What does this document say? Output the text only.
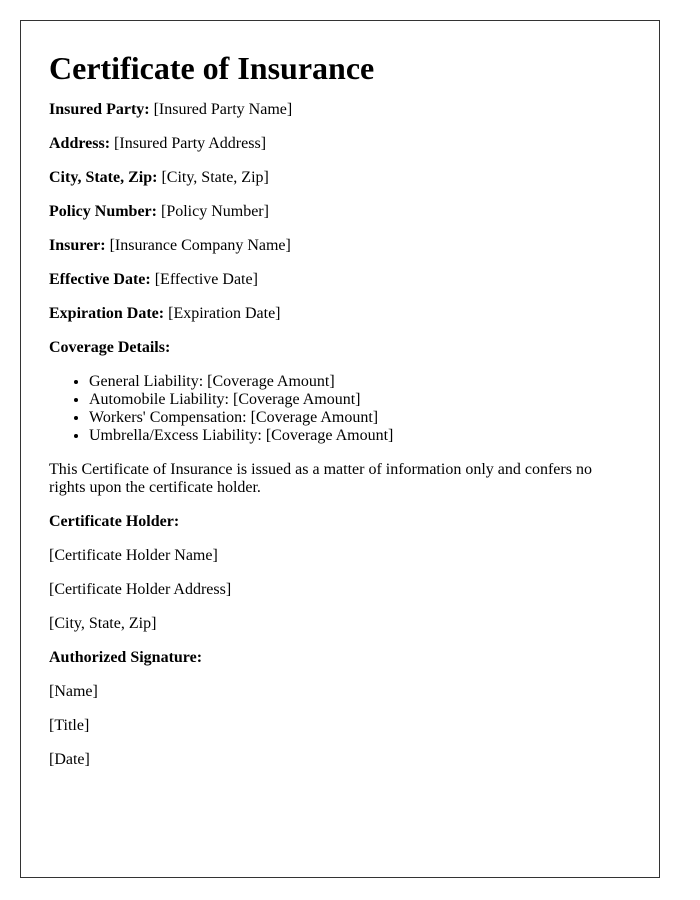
Certificate of Insurance

Insured Party: [Insured Party Name]

Address: [Insured Party Address]

City, State, Zip: [City, State, Zip]

Policy Number: [Policy Number]

Insurer: [Insurance Company Name]

Effective Date: [Effective Date]

Expiration Date: [Expiration Date]

Coverage Details:

• General Liability: [Coverage Amount]
• Automobile Liability: [Coverage Amount]
• Workers' Compensation: [Coverage Amount]
• Umbrella/Excess Liability: [Coverage Amount]

This Certificate of Insurance is issued as a matter of information only and confers no rights upon the certificate holder.

Certificate Holder:

[Certificate Holder Name]

[Certificate Holder Address]

[City, State, Zip]

Authorized Signature:

[Name]

[Title]

[Date]
